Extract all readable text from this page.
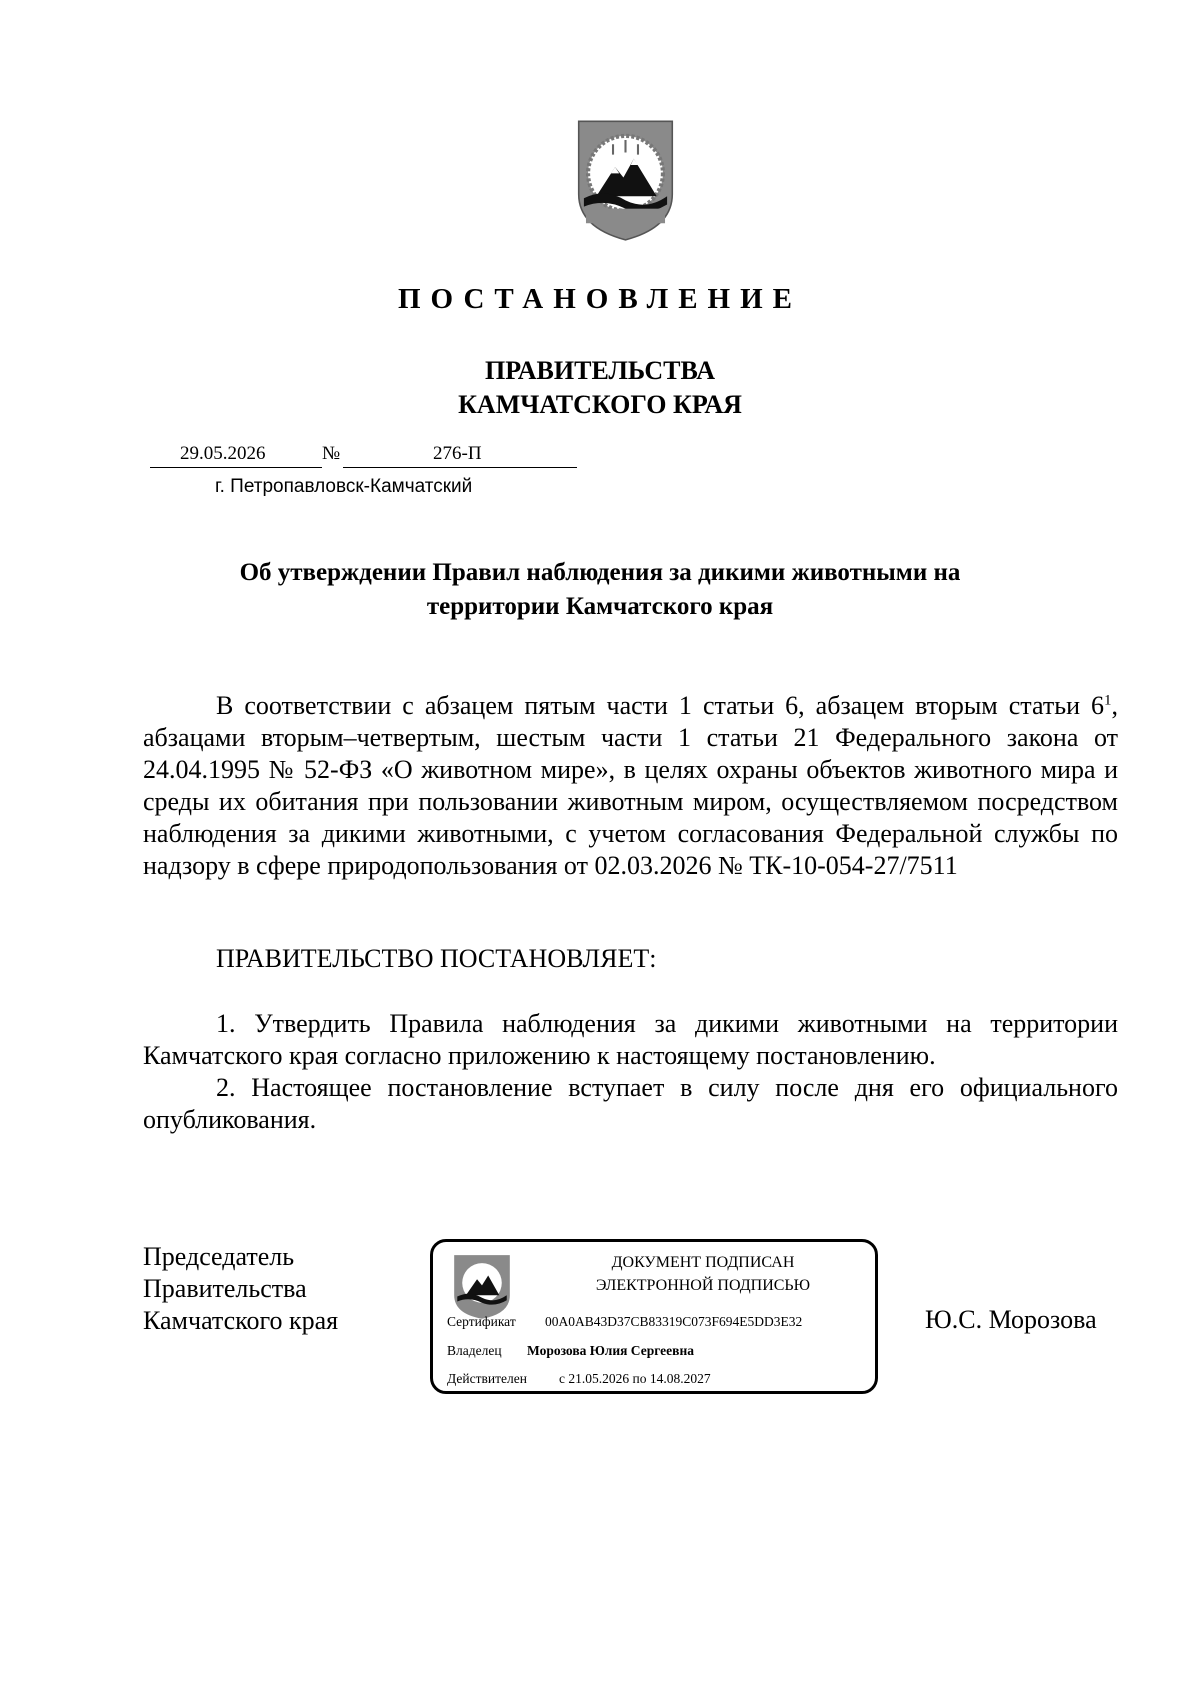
ПОСТАНОВЛЕНИЕ
ПРАВИТЕЛЬСТВА
КАМЧАТСКОГО КРАЯ
29.05.2026	№	276-П
г. Петропавловск-Камчатский
Об утверждении Правил наблюдения за дикими животными на
территории Камчатского края

В соответствии с абзацем пятым части 1 статьи 6, абзацем вторым статьи $6^1$, абзацами вторым–четвертым, шестым части 1 статьи 21 Федерального закона от 24.04.1995 № 52-ФЗ «О животном мире», в целях охраны объектов животного мира и среды их обитания при пользовании животным миром, осуществляемом посредством наблюдения за дикими животными, с учетом согласования Федеральной службы по надзору в сфере природопользования от 02.03.2026 № ТК-10-054-27/7511

ПРАВИТЕЛЬСТВО ПОСТАНОВЛЯЕТ:

1. Утвердить Правила наблюдения за дикими животными на территории Камчатского края согласно приложению к настоящему постановлению.

2. Настоящее постановление вступает в силу после дня его официального опубликования.

Председатель
Правительства
Камчатского края
ДОКУМЕНТ ПОДПИСАН
ЭЛЕКТРОННОЙ ПОДПИСЬЮ
Сертификат 00A0AB43D37CB83319C073F694E5DD3E32
Владелец Морозова Юлия Сергеевна
Действителен с 21.05.2026 по 14.08.2027
Ю.С. Морозова
